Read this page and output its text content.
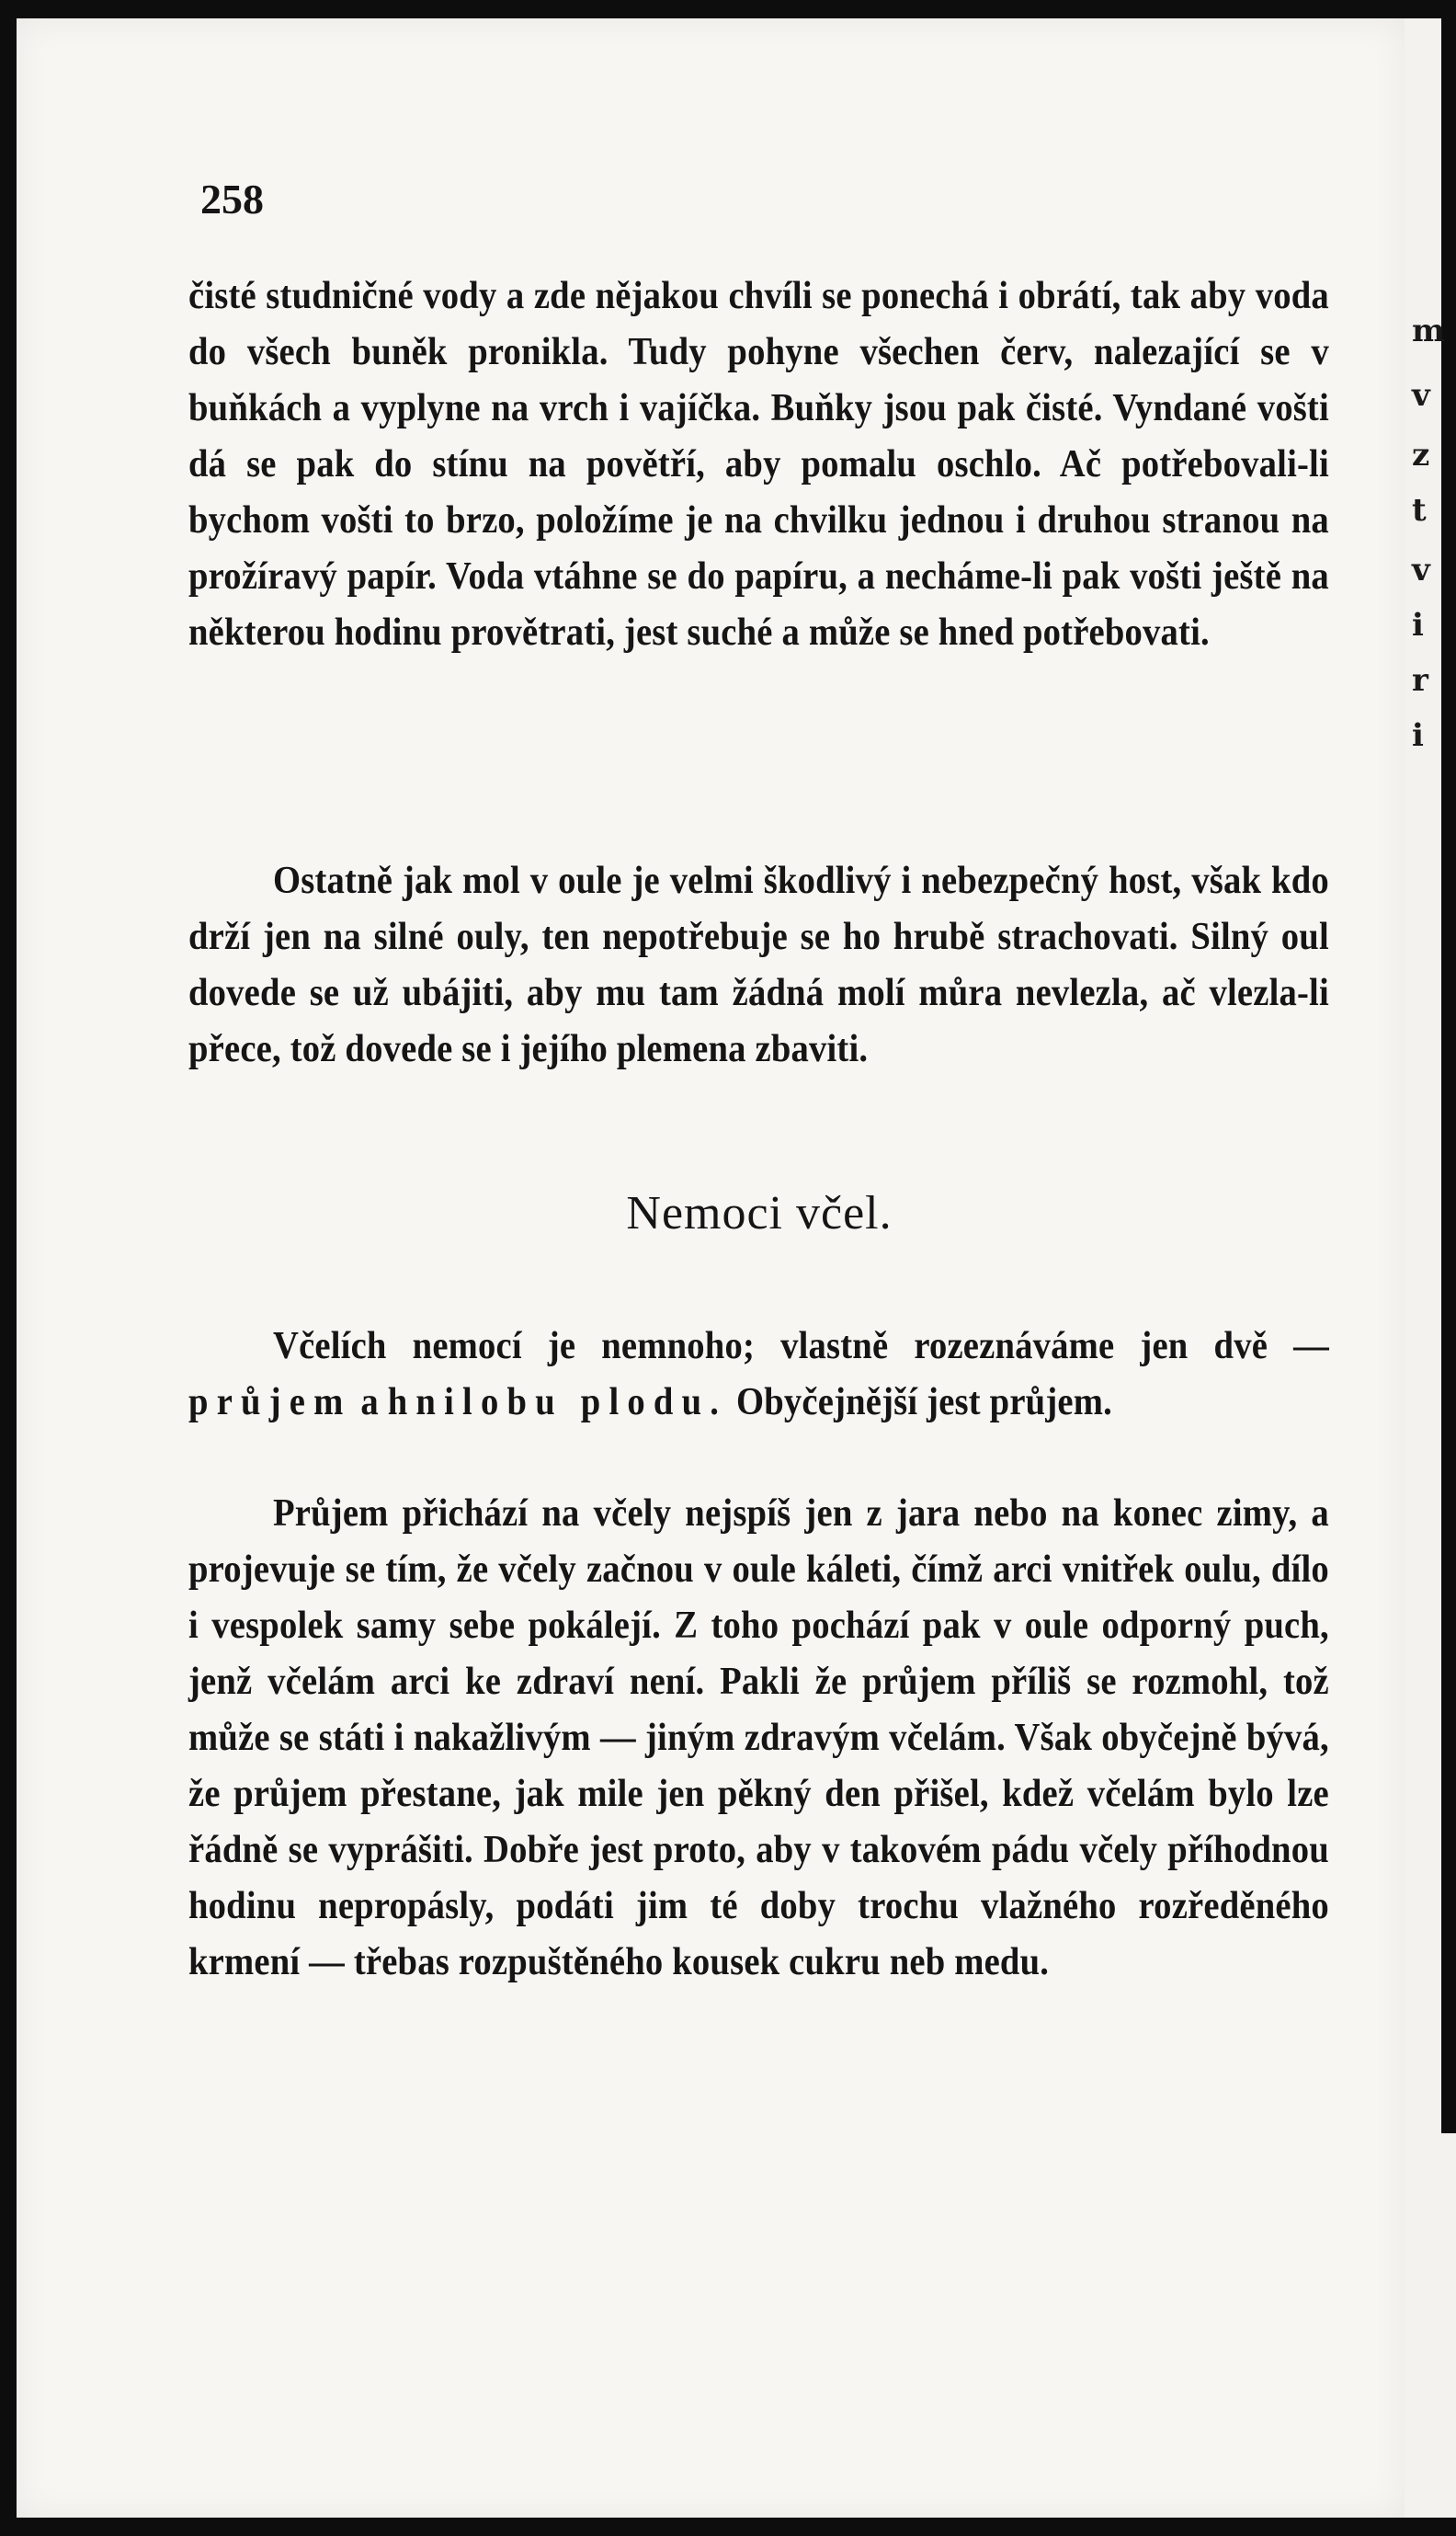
258

čisté studničné vody a zde nějakou chvíli se ponechá i obrátí, tak aby voda do všech buněk pronikla. Tudy pohyne všechen červ, nalezající se v buňkách a vyplyne na vrch i vajíčka. Buňky jsou pak čisté. Vyndané vošti dá se pak do stínu na povětří, aby pomalu oschlo. Ač potřebovali-li bychom vošti to brzo, položíme je na chvilku jednou i druhou stranou na prožíravý papír. Voda vtáhne se do papíru, a necháme-li pak vošti ještě na některou hodinu provětrati, jest suché a může se hned potřebovati.

Ostatně jak mol v oule je velmi škodlivý i nebezpečný host, však kdo drží jen na silné ouly, ten nepotřebuje se ho hrubě strachovati. Silný oul dovede se už ubájiti, aby mu tam žádná molí můra nevlezla, ač vlezla-li přece, tož dovede se i jejího plemena zbaviti.

Nemoci včel.

Včelích nemocí je nemnoho; vlastně rozeznáváme jen dvě — průjem a hnilobu plodu. Obyčejnější jest průjem.

Průjem přichází na včely nejspíš jen z jara nebo na konec zimy, a projevuje se tím, že včely začnou v oule káleti, čímž arci vnitřek oulu, dílo i vespolek samy sebe pokálejí. Z toho pochází pak v oule odporný puch, jenž včelám arci ke zdraví není. Pakli že průjem příliš se rozmohl, tož může se státi i nakažlivým — jiným zdravým včelám. Však obyčejně bývá, že průjem přestane, jak mile jen pěkný den přišel, kdež včelám bylo lze řádně se vyprášiti. Dobře jest proto, aby v takovém pádu včely příhodnou hodinu nepropásly, podáti jim té doby trochu vlažného rozředěného krmení — třebas rozpuštěného kousek cukru neb medu.

m
v
z
t
v
i
r
i
